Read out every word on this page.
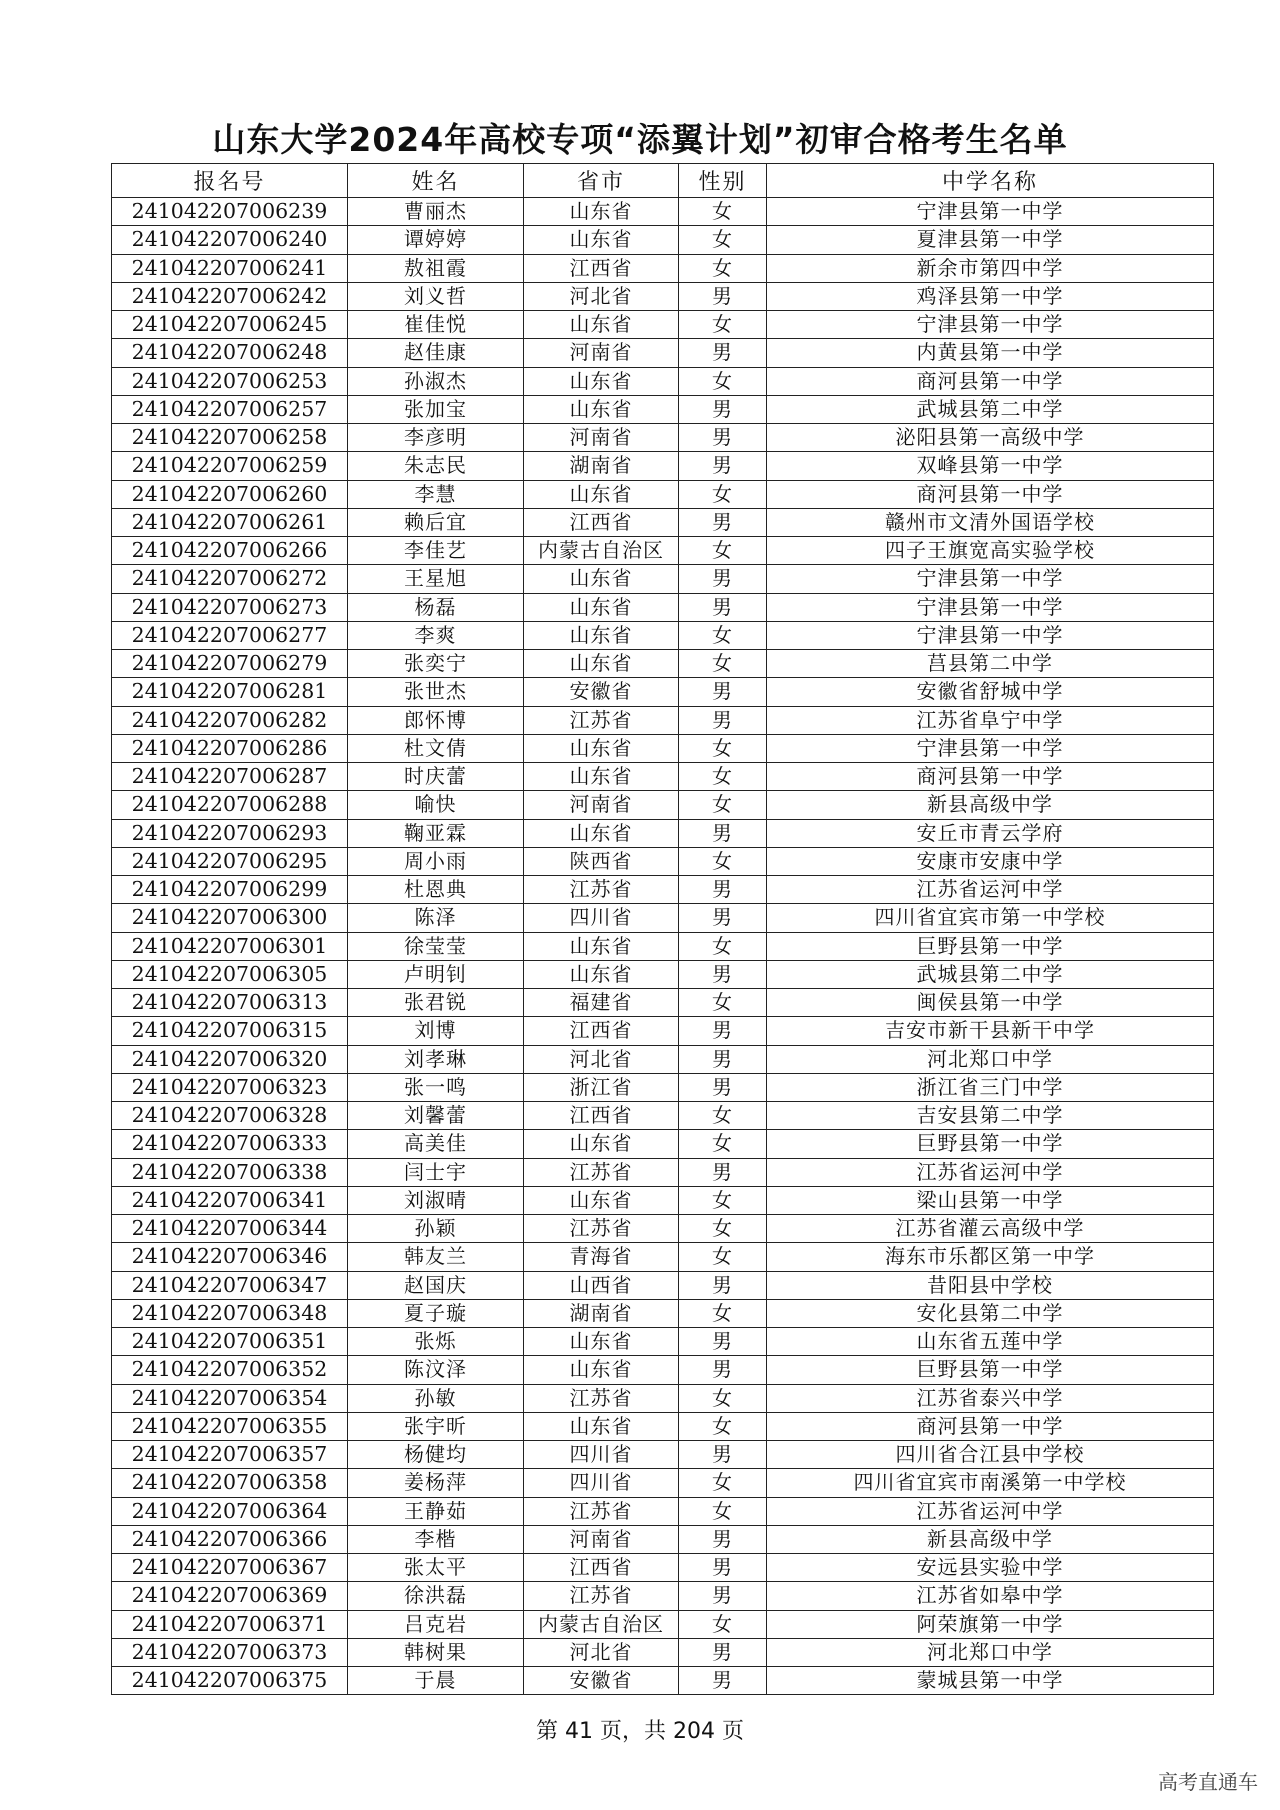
山东大学2024年高校专项“添翼计划”初审合格考生名单
报名号	姓名	省市	性别	中学名称
241042207006239	曹丽杰	山东省	女	宁津县第一中学
241042207006240	谭婷婷	山东省	女	夏津县第一中学
241042207006241	敖祖霞	江西省	女	新余市第四中学
241042207006242	刘义哲	河北省	男	鸡泽县第一中学
241042207006245	崔佳悦	山东省	女	宁津县第一中学
241042207006248	赵佳康	河南省	男	内黄县第一中学
241042207006253	孙淑杰	山东省	女	商河县第一中学
241042207006257	张加宝	山东省	男	武城县第二中学
241042207006258	李彦明	河南省	男	泌阳县第一高级中学
241042207006259	朱志民	湖南省	男	双峰县第一中学
241042207006260	李慧	山东省	女	商河县第一中学
241042207006261	赖后宜	江西省	男	赣州市文清外国语学校
241042207006266	李佳艺	内蒙古自治区	女	四子王旗宽高实验学校
241042207006272	王星旭	山东省	男	宁津县第一中学
241042207006273	杨磊	山东省	男	宁津县第一中学
241042207006277	李爽	山东省	女	宁津县第一中学
241042207006279	张奕宁	山东省	女	莒县第二中学
241042207006281	张世杰	安徽省	男	安徽省舒城中学
241042207006282	郎怀博	江苏省	男	江苏省阜宁中学
241042207006286	杜文倩	山东省	女	宁津县第一中学
241042207006287	时庆蕾	山东省	女	商河县第一中学
241042207006288	喻快	河南省	女	新县高级中学
241042207006293	鞠亚霖	山东省	男	安丘市青云学府
241042207006295	周小雨	陕西省	女	安康市安康中学
241042207006299	杜恩典	江苏省	男	江苏省运河中学
241042207006300	陈泽	四川省	男	四川省宜宾市第一中学校
241042207006301	徐莹莹	山东省	女	巨野县第一中学
241042207006305	卢明钊	山东省	男	武城县第二中学
241042207006313	张君锐	福建省	女	闽侯县第一中学
241042207006315	刘博	江西省	男	吉安市新干县新干中学
241042207006320	刘孝琳	河北省	男	河北郑口中学
241042207006323	张一鸣	浙江省	男	浙江省三门中学
241042207006328	刘馨蕾	江西省	女	吉安县第二中学
241042207006333	高美佳	山东省	女	巨野县第一中学
241042207006338	闫士宇	江苏省	男	江苏省运河中学
241042207006341	刘淑晴	山东省	女	梁山县第一中学
241042207006344	孙颖	江苏省	女	江苏省灌云高级中学
241042207006346	韩友兰	青海省	女	海东市乐都区第一中学
241042207006347	赵国庆	山西省	男	昔阳县中学校
241042207006348	夏子璇	湖南省	女	安化县第二中学
241042207006351	张烁	山东省	男	山东省五莲中学
241042207006352	陈汶泽	山东省	男	巨野县第一中学
241042207006354	孙敏	江苏省	女	江苏省泰兴中学
241042207006355	张宇昕	山东省	女	商河县第一中学
241042207006357	杨健均	四川省	男	四川省合江县中学校
241042207006358	姜杨萍	四川省	女	四川省宜宾市南溪第一中学校
241042207006364	王静茹	江苏省	女	江苏省运河中学
241042207006366	李楷	河南省	男	新县高级中学
241042207006367	张太平	江西省	男	安远县实验中学
241042207006369	徐洪磊	江苏省	男	江苏省如皋中学
241042207006371	吕克岩	内蒙古自治区	女	阿荣旗第一中学
241042207006373	韩树果	河北省	男	河北郑口中学
241042207006375	于晨	安徽省	男	蒙城县第一中学
第 41 页，共 204 页
高考直通车
